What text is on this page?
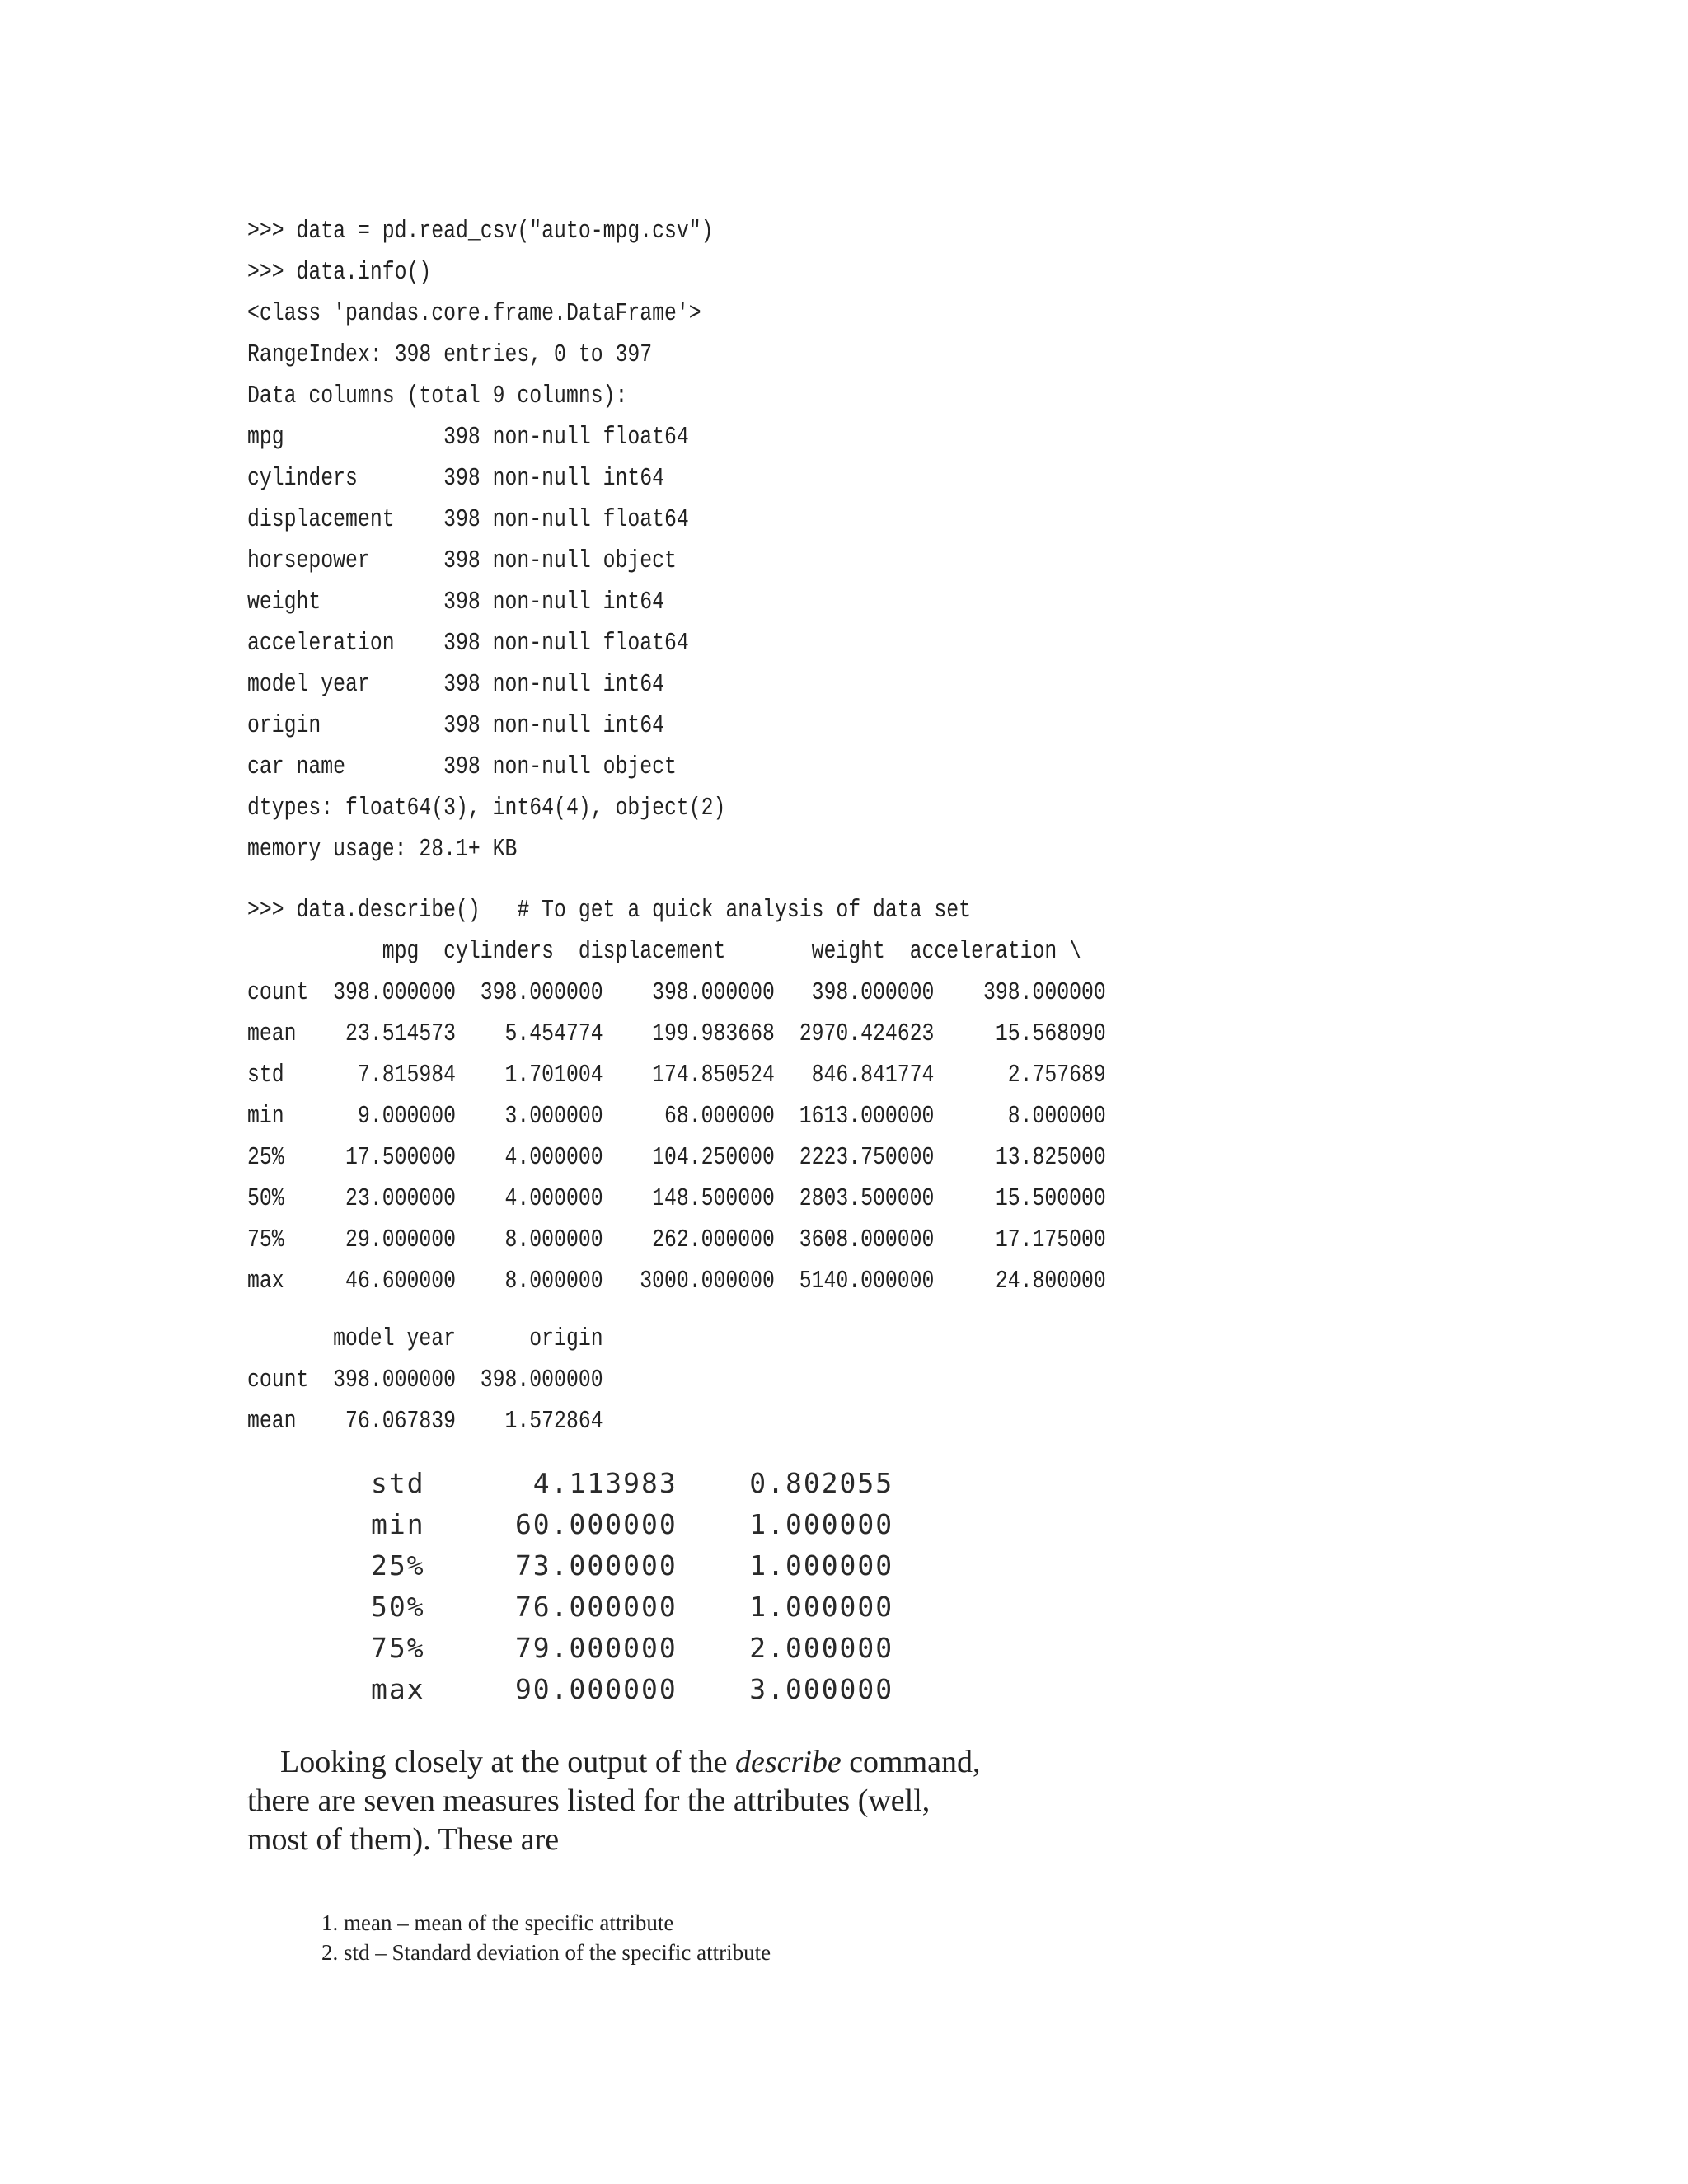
>>> data = pd.read_csv("auto-mpg.csv")
>>> data.info()
<class 'pandas.core.frame.DataFrame'>
RangeIndex: 398 entries, 0 to 397
Data columns (total 9 columns):
mpg             398 non-null float64
cylinders       398 non-null int64
displacement    398 non-null float64
horsepower      398 non-null object
weight          398 non-null int64
acceleration    398 non-null float64
model year      398 non-null int64
origin          398 non-null int64
car name        398 non-null object
dtypes: float64(3), int64(4), object(2)
memory usage: 28.1+ KB
>>> data.describe()   # To get a quick analysis of data set
mpg  cylinders  displacement       weight  acceleration \
count  398.000000  398.000000    398.000000   398.000000    398.000000
mean    23.514573    5.454774    199.983668  2970.424623     15.568090
std      7.815984    1.701004    174.850524   846.841774      2.757689
min      9.000000    3.000000     68.000000  1613.000000      8.000000
25%     17.500000    4.000000    104.250000  2223.750000     13.825000
50%     23.000000    4.000000    148.500000  2803.500000     15.500000
75%     29.000000    8.000000    262.000000  3608.000000     17.175000
max     46.600000    8.000000   3000.000000  5140.000000     24.800000
model year      origin
count  398.000000  398.000000
mean    76.067839    1.572864
std      4.113983    0.802055
min     60.000000    1.000000
25%     73.000000    1.000000
50%     76.000000    1.000000
75%     79.000000    2.000000
max     90.000000    3.000000

Looking closely at the output of the describe command, there are seven measures listed for the attributes (well, most of them). These are

1. mean – mean of the specific attribute
2. std – Standard deviation of the specific attribute
